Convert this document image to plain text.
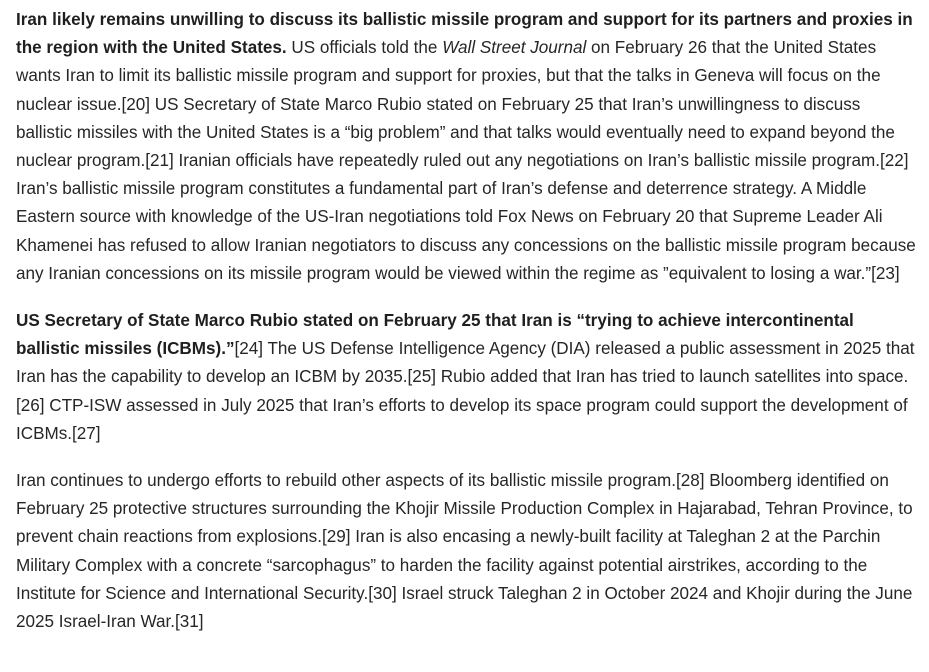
Iran likely remains unwilling to discuss its ballistic missile program and support for its partners and proxies in the region with the United States. US officials told the Wall Street Journal on February 26 that the United States wants Iran to limit its ballistic missile program and support for proxies, but that the talks in Geneva will focus on the nuclear issue.[20] US Secretary of State Marco Rubio stated on February 25 that Iran’s unwillingness to discuss ballistic missiles with the United States is a “big problem” and that talks would eventually need to expand beyond the nuclear program.[21] Iranian officials have repeatedly ruled out any negotiations on Iran’s ballistic missile program.[22] Iran’s ballistic missile program constitutes a fundamental part of Iran’s defense and deterrence strategy. A Middle Eastern source with knowledge of the US-Iran negotiations told Fox News on February 20 that Supreme Leader Ali Khamenei has refused to allow Iranian negotiators to discuss any concessions on the ballistic missile program because any Iranian concessions on its missile program would be viewed within the regime as ”equivalent to losing a war.”[23]

US Secretary of State Marco Rubio stated on February 25 that Iran is “trying to achieve intercontinental ballistic missiles (ICBMs).”[24] The US Defense Intelligence Agency (DIA) released a public assessment in 2025 that Iran has the capability to develop an ICBM by 2035.[25] Rubio added that Iran has tried to launch satellites into space.[26] CTP-ISW assessed in July 2025 that Iran’s efforts to develop its space program could support the development of ICBMs.[27]

Iran continues to undergo efforts to rebuild other aspects of its ballistic missile program.[28] Bloomberg identified on February 25 protective structures surrounding the Khojir Missile Production Complex in Hajarabad, Tehran Province, to prevent chain reactions from explosions.[29] Iran is also encasing a newly-built facility at Taleghan 2 at the Parchin Military Complex with a concrete “sarcophagus” to harden the facility against potential airstrikes, according to the Institute for Science and International Security.[30] Israel struck Taleghan 2 in October 2024 and Khojir during the June 2025 Israel-Iran War.[31]
